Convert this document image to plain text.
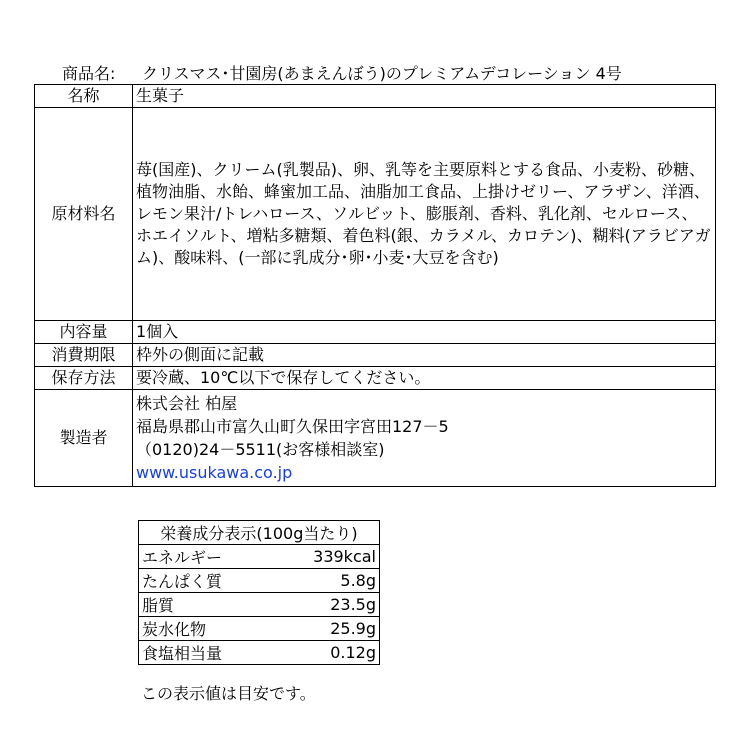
商品名:	クリスマス･甘園房(あまえんぼう)のプレミアムデコレーション 4号
名称	生菓子
原材料名	苺(国産)、クリーム(乳製品)、卵、乳等を主要原料とする食品、小麦粉、砂糖、植物油脂、水飴、蜂蜜加工品、油脂加工食品、上掛けゼリー、アラザン、洋酒、レモン果汁/トレハロース、ソルビット、膨脹剤、香料、乳化剤、セルロース、ホエイソルト、増粘多糖類、着色料(銀、カラメル、カロテン)、糊料(アラビアガム)、酸味料、(一部に乳成分･卵･小麦･大豆を含む)
内容量	1個入
消費期限	枠外の側面に記載
保存方法	要冷蔵、10℃以下で保存してください。
製造者	株式会社 柏屋
福島県郡山市富久山町久保田字宮田127－5
（0120)24－5511(お客様相談室)
www.usukawa.co.jp
栄養成分表示(100g当たり)	
エネルギー	339kcal
たんぱく質	5.8g
脂質	23.5g
炭水化物	25.9g
食塩相当量	0.12g
この表示値は目安です。
